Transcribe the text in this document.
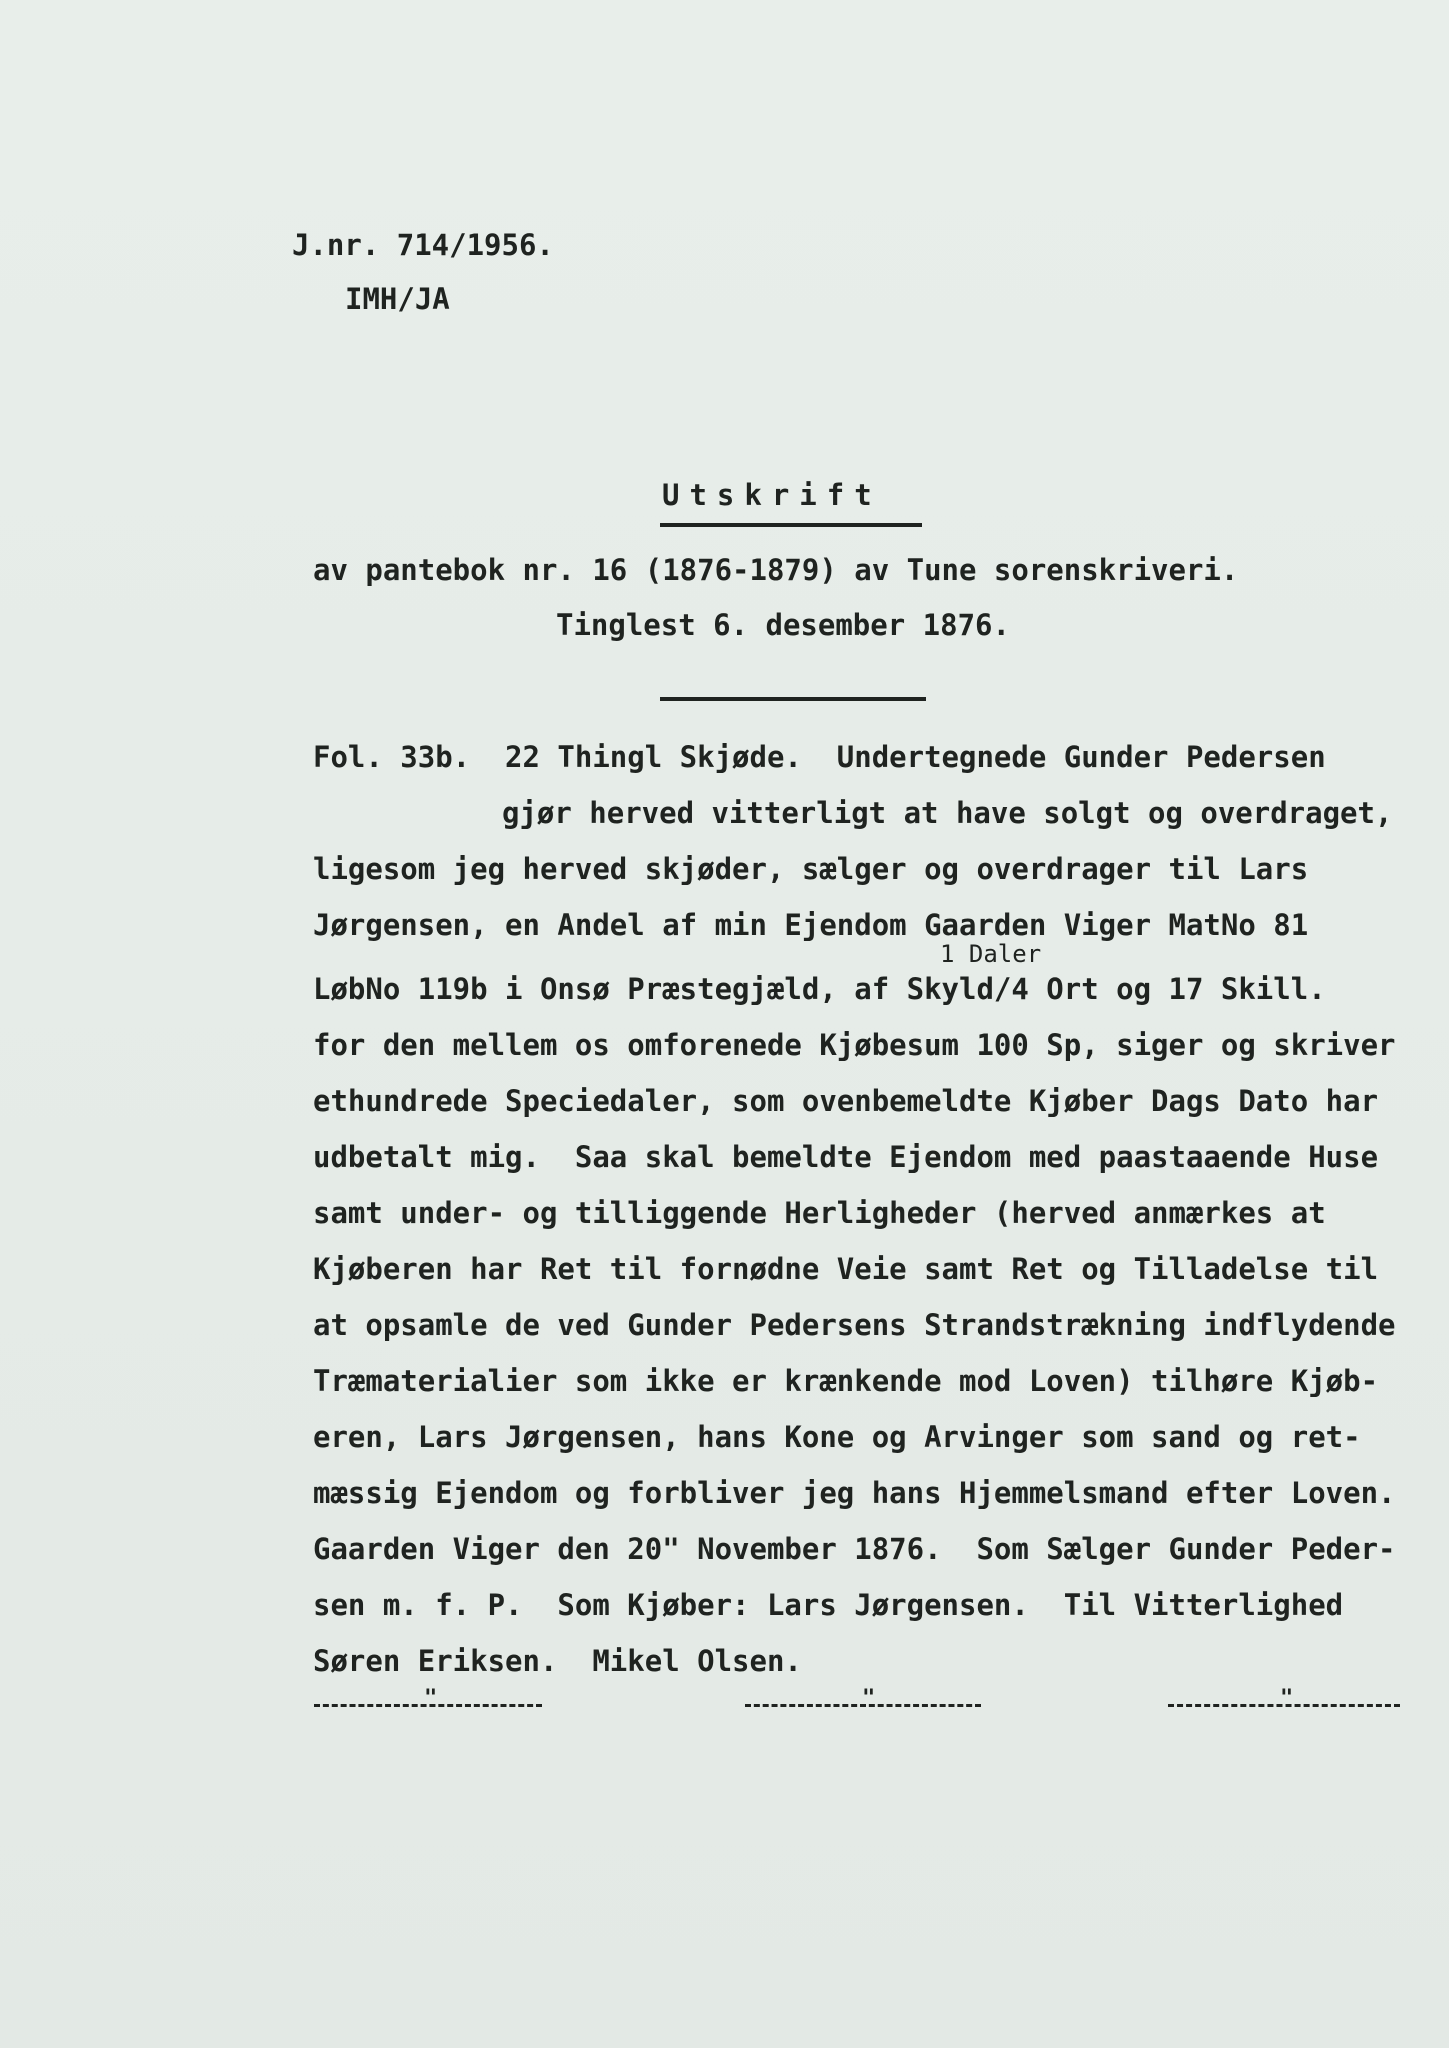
J.nr. 714/1956.
IMH/JA
Utskrift
av pantebok nr. 16 (1876-1879) av Tune sorenskriveri.
Tinglest 6. desember 1876.
Fol. 33b.  22 Thingl Skjøde.  Undertegnede Gunder Pedersen
gjør herved vitterligt at have solgt og overdraget,
ligesom jeg herved skjøder, sælger og overdrager til Lars
Jørgensen, en Andel af min Ejendom Gaarden Viger MatNo 81
1 Daler
LøbNo 119b i Onsø Præstegjæld, af Skyld/4 Ort og 17 Skill.
for den mellem os omforenede Kjøbesum 100 Sp, siger og skriver
ethundrede Speciedaler, som ovenbemeldte Kjøber Dags Dato har
udbetalt mig.  Saa skal bemeldte Ejendom med paastaaende Huse
samt under- og tilliggende Herligheder (herved anmærkes at
Kjøberen har Ret til fornødne Veie samt Ret og Tilladelse til
at opsamle de ved Gunder Pedersens Strandstrækning indflydende
Træmaterialier som ikke er krænkende mod Loven) tilhøre Kjøb-
eren, Lars Jørgensen, hans Kone og Arvinger som sand og ret-
mæssig Ejendom og forbliver jeg hans Hjemmelsmand efter Loven.
Gaarden Viger den 20" November 1876.  Som Sælger Gunder Peder-
sen m. f. P.  Som Kjøber: Lars Jørgensen.  Til Vitterlighed
Søren Eriksen.  Mikel Olsen.
"	"	"
